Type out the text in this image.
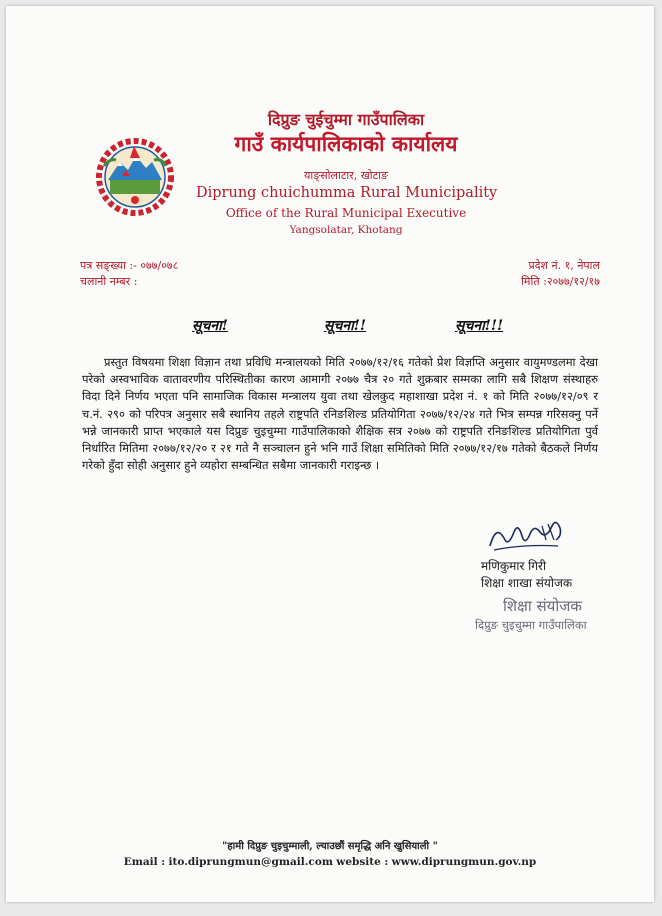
दिप्रुङ चुईचुम्मा गाउँपालिका
गाउँ कार्यपालिकाको कार्यालय
याङ्सोलाटार, खोटाङ
Diprung chuichumma Rural Municipality
Office of the Rural Municipal Executive
Yangsolatar, Khotang
पत्र सङ्ख्या :- ०७७/०७८
चलानी नम्बर :
प्रदेश नं. १, नेपाल
मिति :२०७७/१२/१७
सूचना!	सूचना!!	सूचना!!!
प्रस्तुत विषयमा शिक्षा विज्ञान तथा प्रविधि मन्त्रालयको मिति २०७७/१२/१६ गतेको प्रेश विज्ञप्ति अनुसार वायुमण्डलमा देखा परेको अस्वभाविक वातावरणीय परिस्थितीका कारण आमागी २०७७ चैत्र २० गते शुक्रबार सम्मका लागि सबै शिक्षण संस्थाहरु विदा दिने निर्णय भएता पनि सामाजिक विकास मन्त्रालय युवा तथा खेलकुद महाशाखा प्रदेश नं. १ को मिति २०७७/१२/०९ र च.नं. २९० को परिपत्र अनुसार सबै स्थानिय तहले राष्ट्रपति रनिङशिल्ड प्रतियोगिता २०७७/१२/२४ गते भित्र सम्पन्न गरिसक्नु पर्ने भन्ने जानकारी प्राप्त भएकाले यस दिप्रुङ चुइचुम्मा गाउँपालिकाको शैक्षिक सत्र २०७७ को राष्ट्रपति रनिङशिल्ड प्रतियोगिता पुर्व निर्धारित मितिमा २०७७/१२/२० र २१ गते नै सञ्चालन हुने भनि गाउँ शिक्षा समितिको मिति २०७७/१२/१७ गतेको बैठकले निर्णय गरेको हुँदा सोही अनुसार हुने व्यहोरा सम्बन्धित सबैमा जानकारी गराइन्छ ।
मणिकुमार गिरी
शिक्षा शाखा संयोजक
शिक्षा संयोजक
दिप्रुङ चुइचुम्मा गाउँपालिका
"हामी दिप्रुङ चुइचुम्माली, ल्याउछौं समृद्धि अनि खुसियाली "
Email : ito.diprungmun@gmail.com website : www.diprungmun.gov.np
